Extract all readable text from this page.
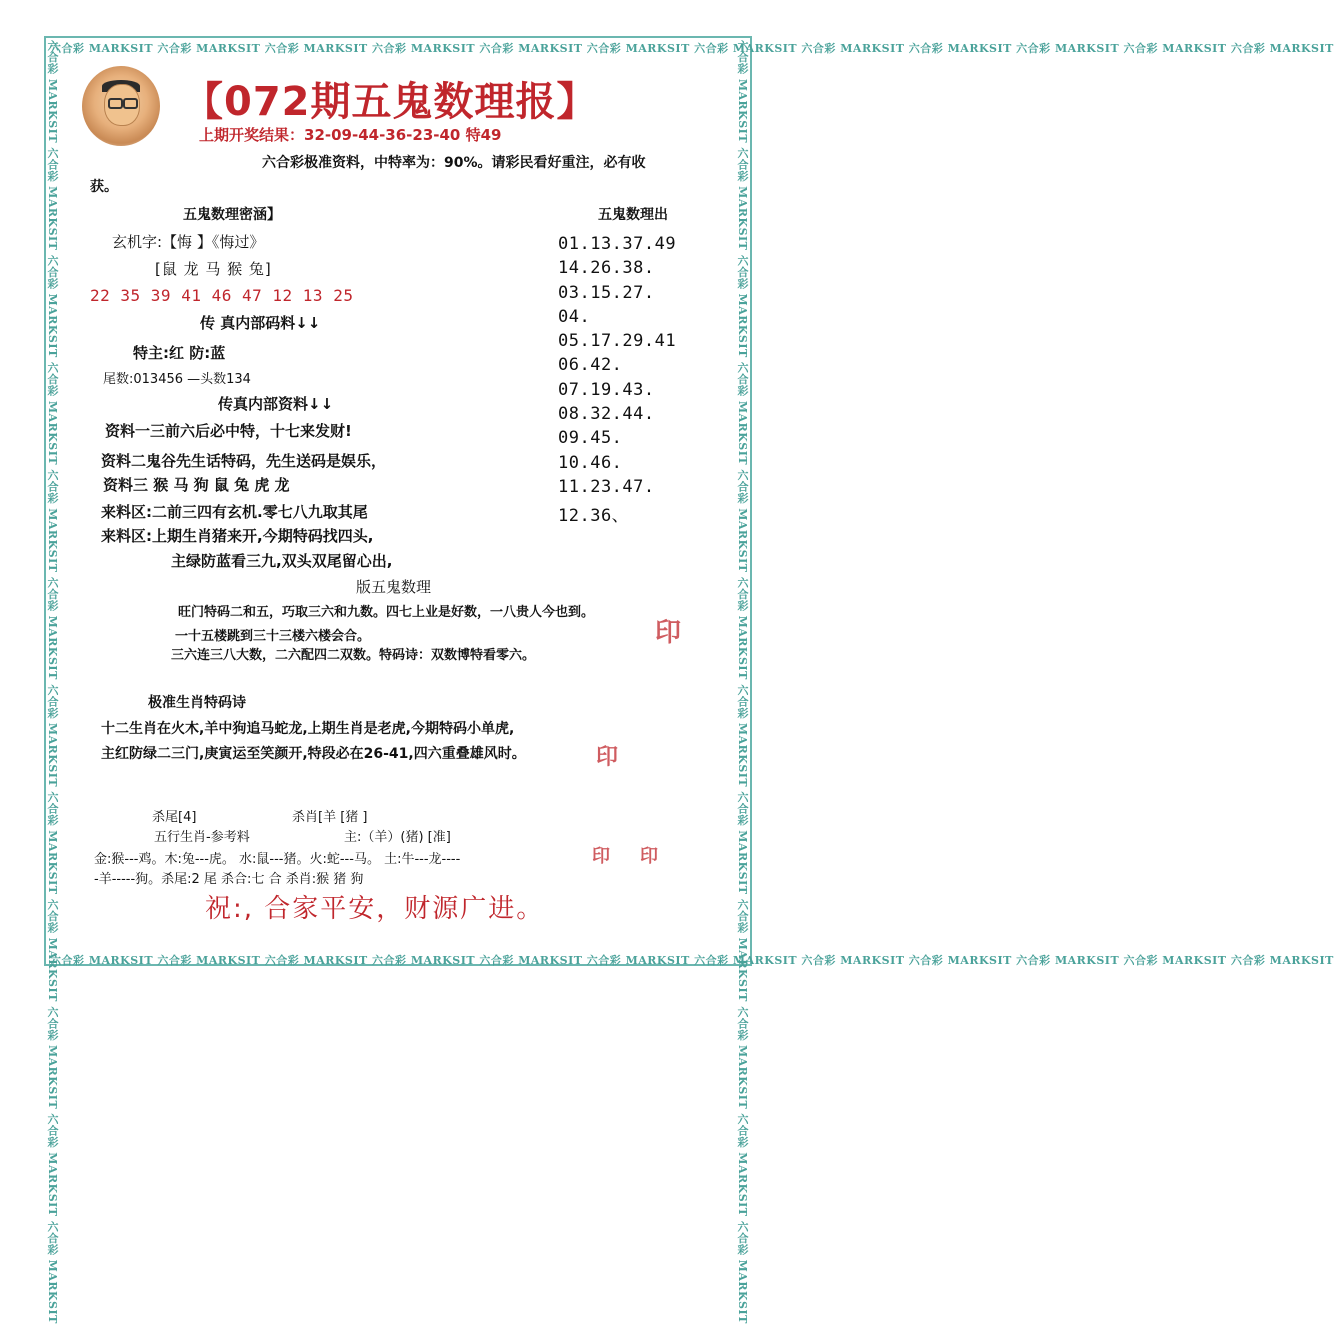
六合彩 MARKSIT 六合彩 MARKSIT 六合彩 MARKSIT 六合彩 MARKSIT 六合彩 MARKSIT 六合彩 MARKSIT 六合彩 MARKSIT 六合彩 MARKSIT 六合彩 MARKSIT 六合彩 MARKSIT 六合彩 MARKSIT 六合彩 MARKSIT
六合彩 MARKSIT 六合彩 MARKSIT 六合彩 MARKSIT 六合彩 MARKSIT 六合彩 MARKSIT 六合彩 MARKSIT 六合彩 MARKSIT 六合彩 MARKSIT 六合彩 MARKSIT 六合彩 MARKSIT 六合彩 MARKSIT 六合彩 MARKSIT
六合彩 MARKSIT 六合彩 MARKSIT 六合彩 MARKSIT 六合彩 MARKSIT 六合彩 MARKSIT 六合彩 MARKSIT 六合彩 MARKSIT 六合彩 MARKSIT 六合彩 MARKSIT 六合彩 MARKSIT 六合彩 MARKSIT 六合彩 MARKSIT	六合彩 MARKSIT 六合彩 MARKSIT 六合彩 MARKSIT 六合彩 MARKSIT 六合彩 MARKSIT 六合彩 MARKSIT 六合彩 MARKSIT 六合彩 MARKSIT 六合彩 MARKSIT 六合彩 MARKSIT 六合彩 MARKSIT 六合彩 MARKSIT
【072期五鬼数理报】
上期开奖结果：32-09-44-36-23-40 特49
六合彩极准资料，中特率为：90%。请彩民看好重注，必有收
获。
五鬼数理密涵】
玄机字:【悔 】《悔过》
[鼠 龙 马 猴 兔]
22 35 39 41 46 47 12 13 25
传 真内部码料↓↓
特主:红 防:蓝
尾数:013456 —头数134
传真内部资料↓↓
资料一三前六后必中特，十七来发财!
资料二鬼谷先生话特码，先生送码是娱乐，
资料三 猴 马 狗 鼠 兔 虎 龙
来料区:二前三四有玄机.零七八九取其尾
来料区:上期生肖猪来开,今期特码找四头,
主绿防蓝看三九,双头双尾留心出,
五鬼数理出
01.13.37.49
14.26.38.
03.15.27.
04.
05.17.29.41
06.42.
07.19.43.
08.32.44.
09.45.
10.46.
11.23.47.
12.36、
版五鬼数理
旺门特码二和五，巧取三六和九数。四七上业是好数，一八贵人今也到。
一十五楼跳到三十三楼六楼会合。
三六连三八大数，二六配四二双数。特码诗：双数博特看零六。
印
极准生肖特码诗
十二生肖在火木,羊中狗追马蛇龙,上期生肖是老虎,今期特码小单虎,
主红防绿二三门,庚寅运至笑颜开,特段必在26-41,四六重叠雄风时。	印
杀尾[4]	杀肖[羊 [猪 ]
五行生肖-参考料	主:（羊）(猪) [准]
金:猴---鸡。木:兔---虎。 水:鼠---猪。火:蛇---马。 土:牛---龙----
-羊-----狗。杀尾:2 尾 杀合:七 合 杀肖:猴 猪 狗
印 印
祝:, 合家平安，财源广进。
